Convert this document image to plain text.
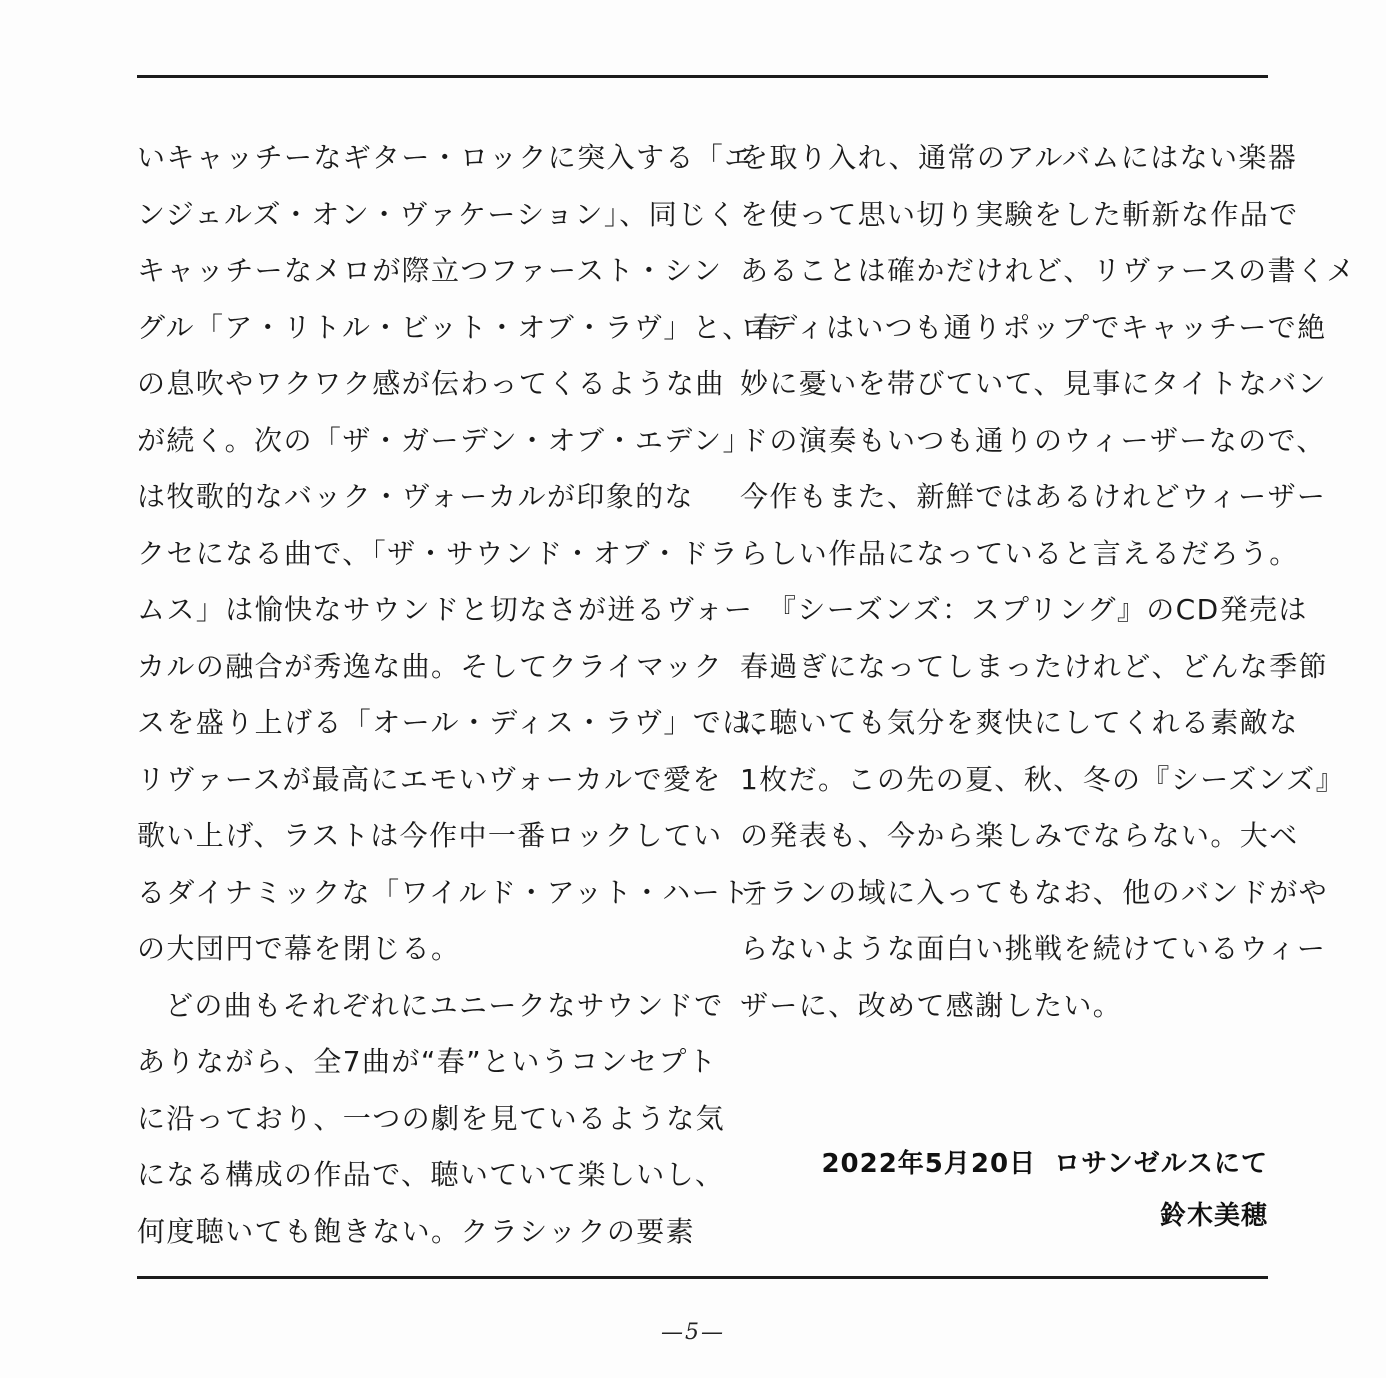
いキャッチーなギター・ロックに突入する「エ
ンジェルズ・オン・ヴァケーション」、同じく
キャッチーなメロが際立つファースト・シン
グル「ア・リトル・ビット・オブ・ラヴ」と、春
の息吹やワクワク感が伝わってくるような曲
が続く。次の「ザ・ガーデン・オブ・エデン」
は牧歌的なバック・ヴォーカルが印象的な
クセになる曲で、「ザ・サウンド・オブ・ドラ
ムス」は愉快なサウンドと切なさが迸るヴォー
カルの融合が秀逸な曲。そしてクライマック
スを盛り上げる「オール・ディス・ラヴ」では、
リヴァースが最高にエモいヴォーカルで愛を
歌い上げ、ラストは今作中一番ロックしてい
るダイナミックな「ワイルド・アット・ハート」
の大団円で幕を閉じる。
どの曲もそれぞれにユニークなサウンドで
ありながら、全7曲が“春”というコンセプト
に沿っており、一つの劇を見ているような気
になる構成の作品で、聴いていて楽しいし、
何度聴いても飽きない。クラシックの要素
を取り入れ、通常のアルバムにはない楽器
を使って思い切り実験をした斬新な作品で
あることは確かだけれど、リヴァースの書くメ
ロディはいつも通りポップでキャッチーで絶
妙に憂いを帯びていて、見事にタイトなバン
ドの演奏もいつも通りのウィーザーなので、
今作もまた、新鮮ではあるけれどウィーザー
らしい作品になっていると言えるだろう。
『シーズンズ：スプリング』のCD発売は
春過ぎになってしまったけれど、どんな季節
に聴いても気分を爽快にしてくれる素敵な
1枚だ。この先の夏、秋、冬の『シーズンズ』
の発表も、今から楽しみでならない。大ベ
テランの域に入ってもなお、他のバンドがや
らないような面白い挑戦を続けているウィー
ザーに、改めて感謝したい。
2022年5月20日 ロサンゼルスにて
鈴木美穂
—5—
